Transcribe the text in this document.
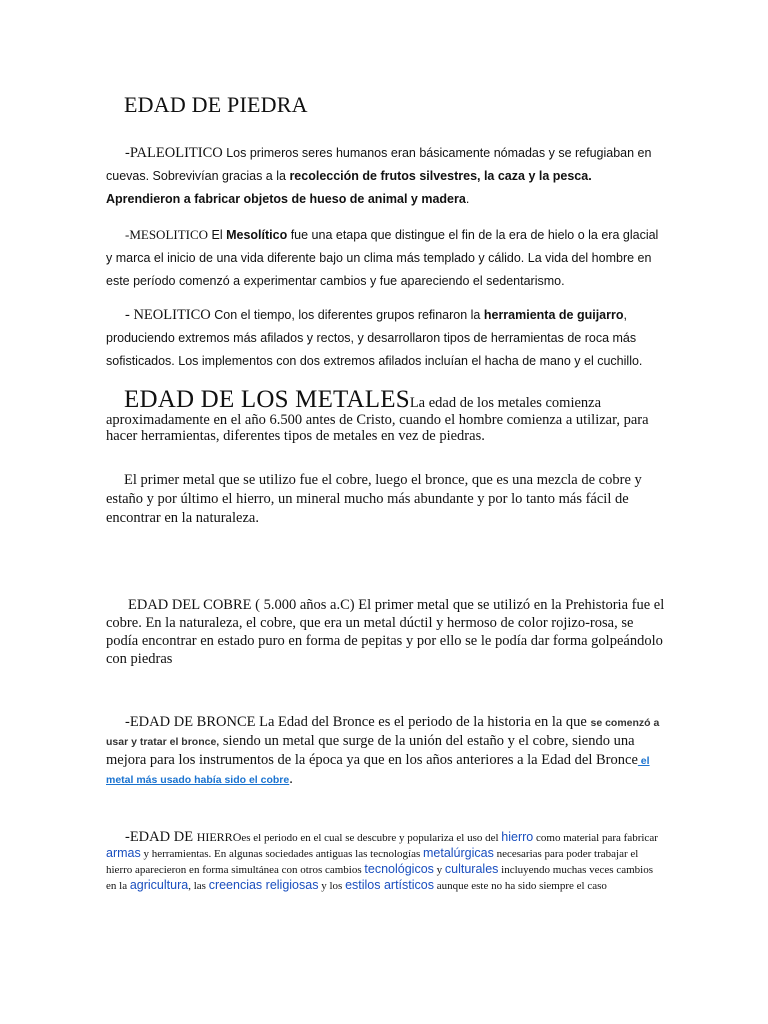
EDAD DE PIEDRA

-PALEOLITICO Los primeros seres humanos eran básicamente nómadas y se refugiaban en cuevas. Sobrevivían gracias a la recolección de frutos silvestres, la caza y la pesca. Aprendieron a fabricar objetos de hueso de animal y madera.

-MESOLITICO El Mesolítico fue una etapa que distingue el fin de la era de hielo o la era glacial y marca el inicio de una vida diferente bajo un clima más templado y cálido. La vida del hombre en este período comenzó a experimentar cambios y fue apareciendo el sedentarismo.

- NEOLITICO Con el tiempo, los diferentes grupos refinaron la herramienta de guijarro, produciendo extremos más afilados y rectos, y desarrollaron tipos de herramientas de roca más sofisticados. Los implementos con dos extremos afilados incluían el hacha de mano y el cuchillo.

EDAD DE LOS METALESLa edad de los metales comienza aproximadamente en el año 6.500 antes de Cristo, cuando el hombre comienza a utilizar, para hacer herramientas, diferentes tipos de metales en vez de piedras.

El primer metal que se utilizo fue el cobre, luego el bronce, que es una mezcla de cobre y estaño y por último el hierro, un mineral mucho más abundante y por lo tanto más fácil de encontrar en la naturaleza.

EDAD DEL COBRE ( 5.000 años a.C) El primer metal que se utilizó en la Prehistoria fue el cobre. En la naturaleza, el cobre, que era un metal dúctil y hermoso de color rojizo-rosa, se podía encontrar en estado puro en forma de pepitas y por ello se le podía dar forma golpeándolo con piedras

-EDAD DE BRONCE La Edad del Bronce es el periodo de la historia en la que se comenzó a usar y tratar el bronce, siendo un metal que surge de la unión del estaño y el cobre, siendo una mejora para los instrumentos de la época ya que en los años anteriores a la Edad del Bronce el metal más usado había sido el cobre.

-EDAD DE HIERROes el periodo en el cual se descubre y populariza el uso del hierro como material para fabricar armas y herramientas. En algunas sociedades antiguas las tecnologías metalúrgicas necesarias para poder trabajar el hierro aparecieron en forma simultánea con otros cambios tecnológicos y culturales incluyendo muchas veces cambios en la agricultura, las creencias religiosas y los estilos artísticos aunque este no ha sido siempre el caso
